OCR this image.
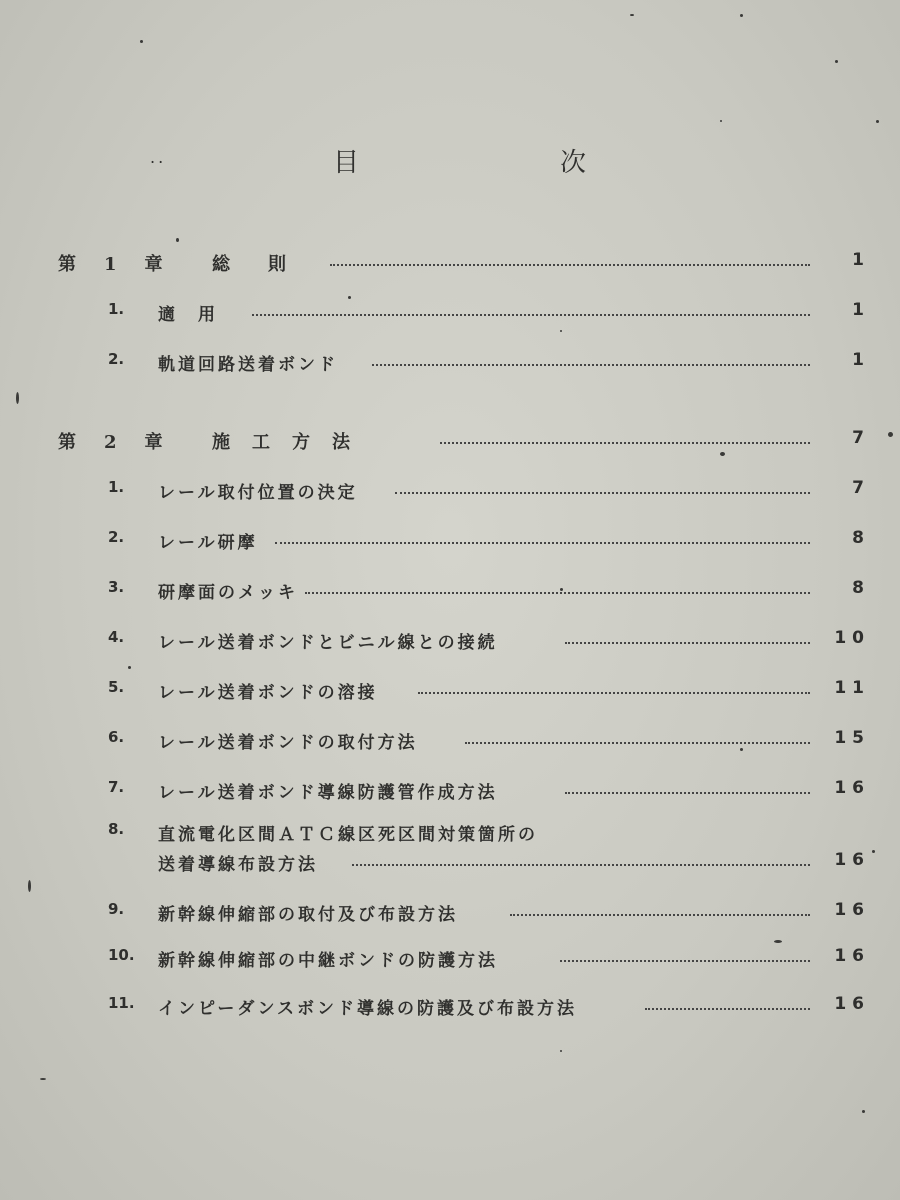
..	目	次
第 1 章	総 則	1
1.	適　用	1
2.	軌道回路送着ボンド	1
第 2 章	施 工 方 法	7
1.	レール取付位置の決定	7
2.	レール研摩	8
3.	研摩面のメッキ	8
4.	レール送着ボンドとビニル線との接続	10
5.	レール送着ボンドの溶接	11
6.	レール送着ボンドの取付方法	15
7.	レール送着ボンド導線防護管作成方法	16
8.	直流電化区間ＡＴＣ線区死区間対策箇所の
送着導線布設方法	16
9.	新幹線伸縮部の取付及び布設方法	16
10.	新幹線伸縮部の中継ボンドの防護方法	16
11.	インピーダンスボンド導線の防護及び布設方法	16
